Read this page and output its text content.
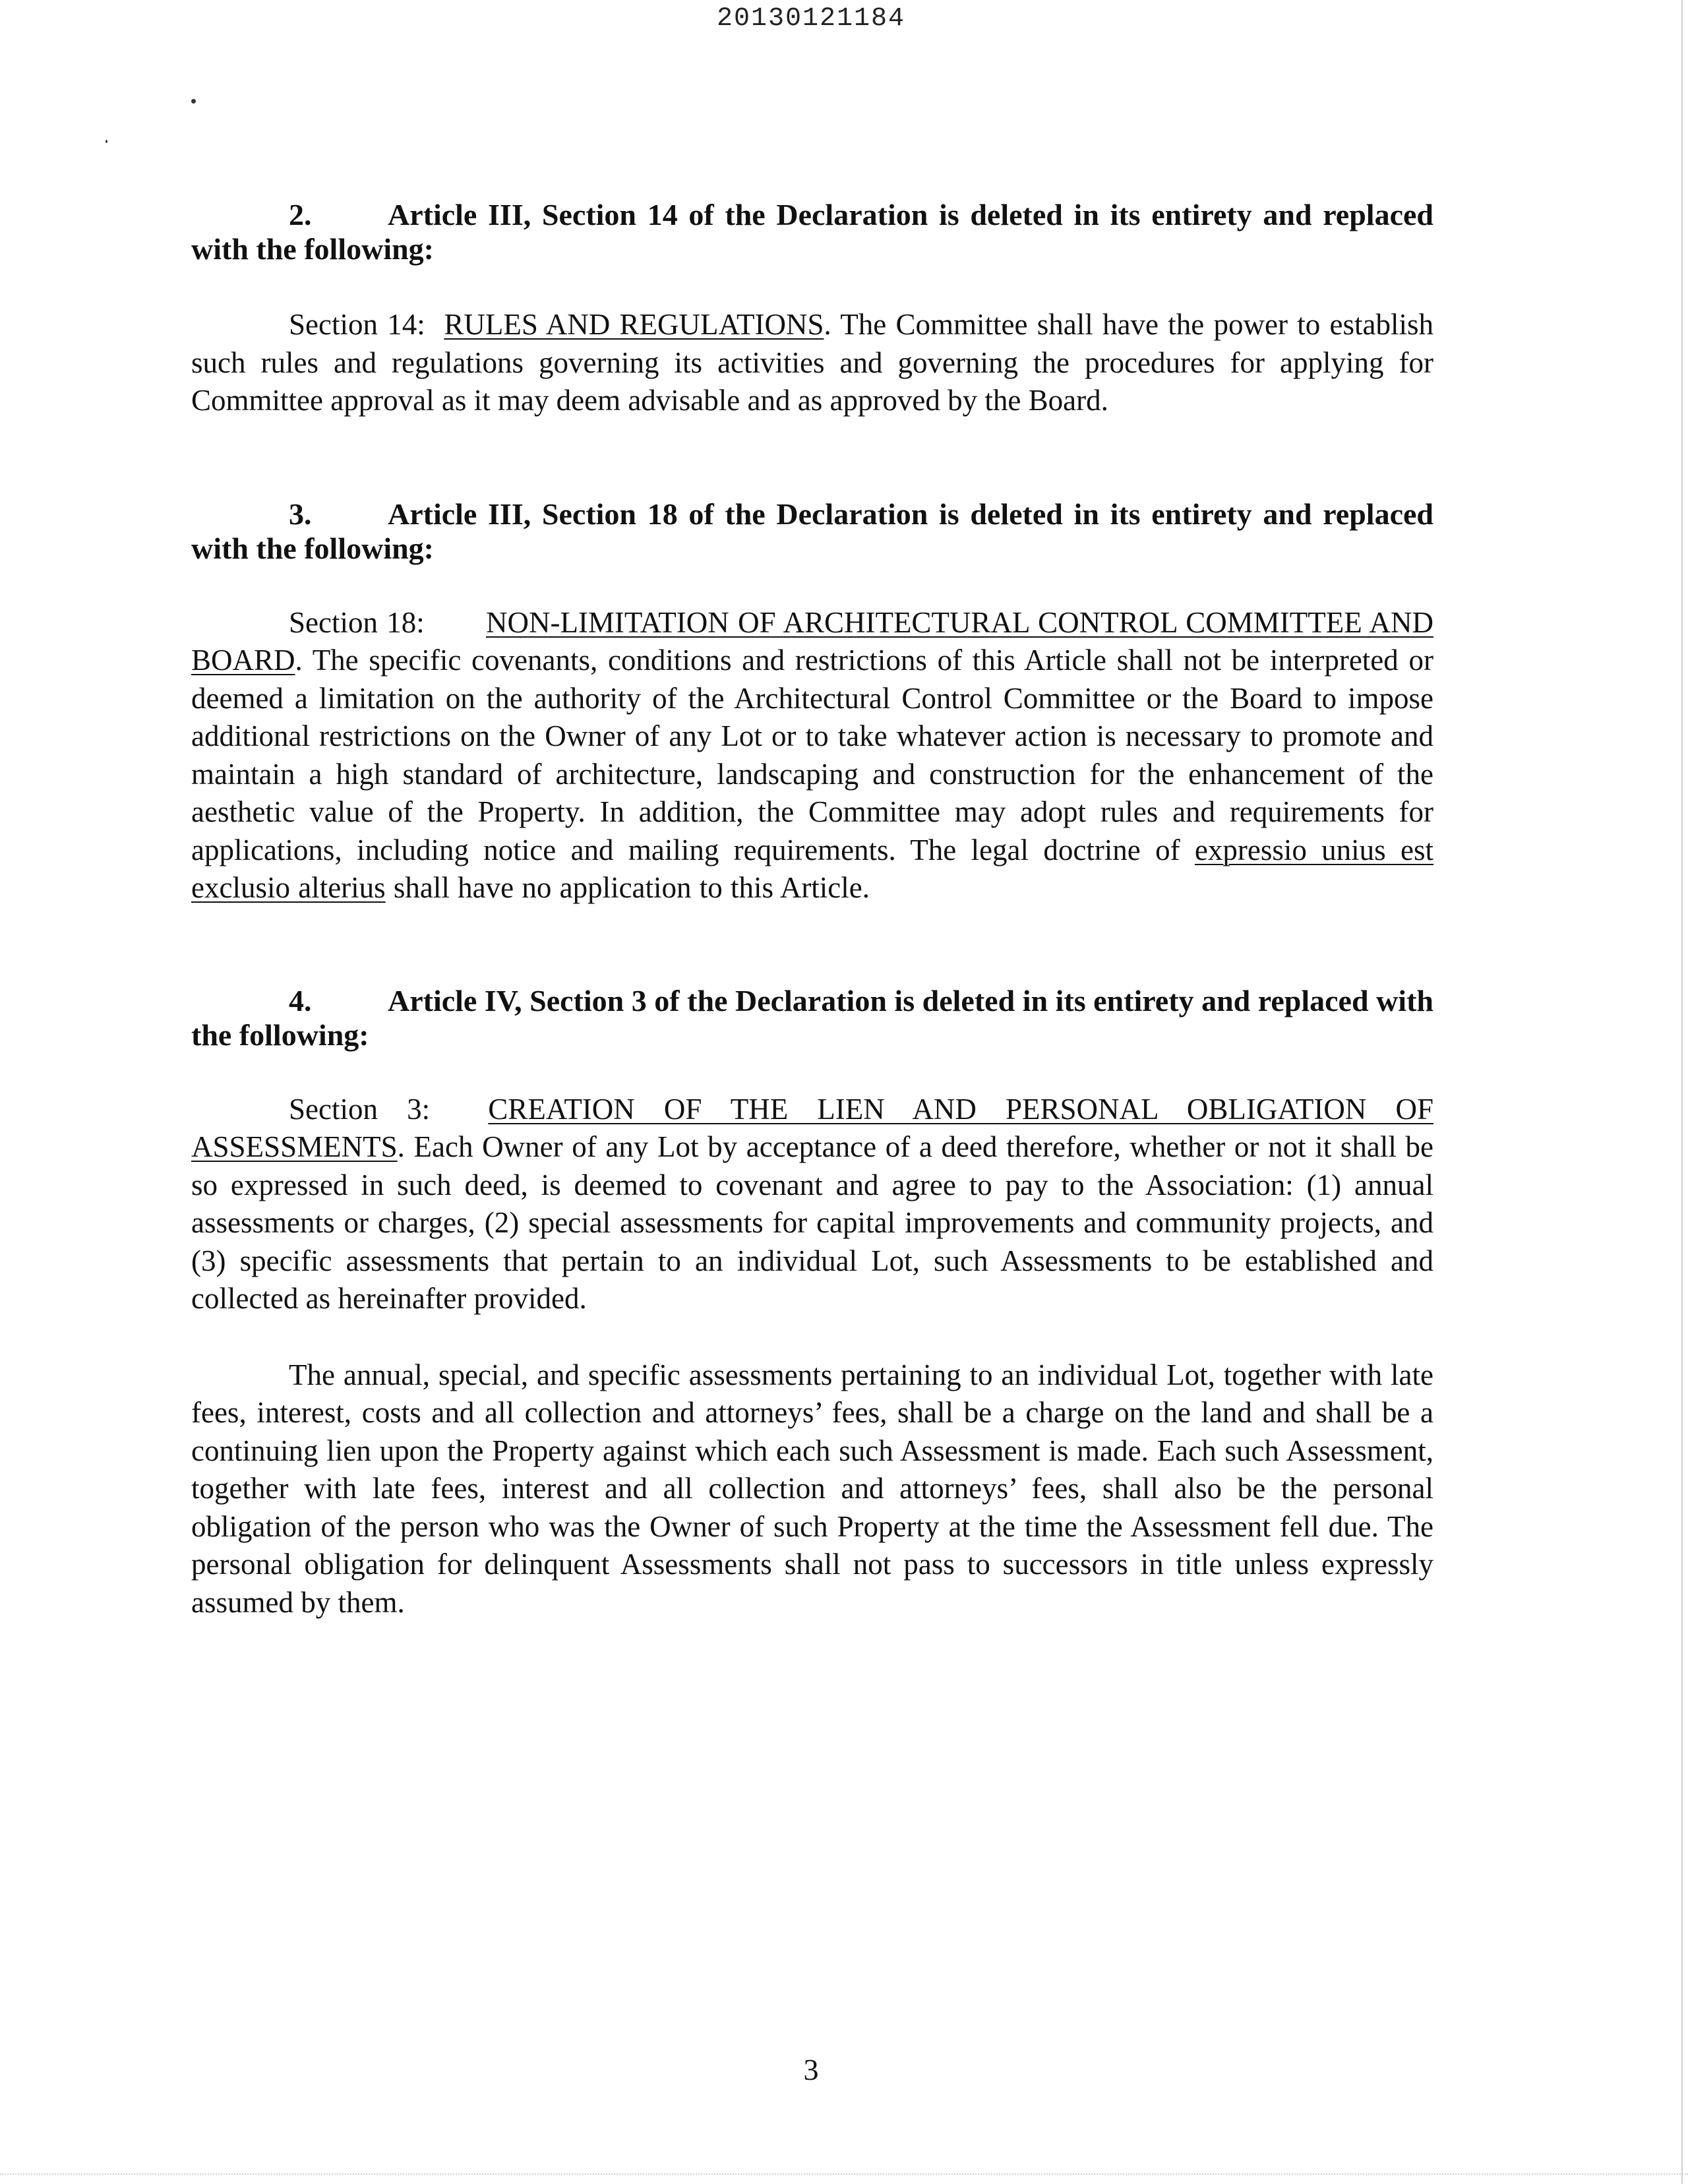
20130121184

2.	Article III, Section 14 of the Declaration is deleted in its entirety and replaced with the following:

Section 14: RULES AND REGULATIONS. The Committee shall have the power to establish such rules and regulations governing its activities and governing the procedures for applying for Committee approval as it may deem advisable and as approved by the Board.

3.	Article III, Section 18 of the Declaration is deleted in its entirety and replaced with the following:

Section 18: NON-LIMITATION OF ARCHITECTURAL CONTROL COMMITTEE AND BOARD. The specific covenants, conditions and restrictions of this Article shall not be interpreted or deemed a limitation on the authority of the Architectural Control Committee or the Board to impose additional restrictions on the Owner of any Lot or to take whatever action is necessary to promote and maintain a high standard of architecture, landscaping and construction for the enhancement of the aesthetic value of the Property. In addition, the Committee may adopt rules and requirements for applications, including notice and mailing requirements. The legal doctrine of expressio unius est exclusio alterius shall have no application to this Article.

4.	Article IV, Section 3 of the Declaration is deleted in its entirety and replaced with the following:

Section 3: CREATION OF THE LIEN AND PERSONAL OBLIGATION OF ASSESSMENTS. Each Owner of any Lot by acceptance of a deed therefore, whether or not it shall be so expressed in such deed, is deemed to covenant and agree to pay to the Association: (1) annual assessments or charges, (2) special assessments for capital improvements and community projects, and (3) specific assessments that pertain to an individual Lot, such Assessments to be established and collected as hereinafter provided.

The annual, special, and specific assessments pertaining to an individual Lot, together with late fees, interest, costs and all collection and attorneys’ fees, shall be a charge on the land and shall be a continuing lien upon the Property against which each such Assessment is made. Each such Assessment, together with late fees, interest and all collection and attorneys’ fees, shall also be the personal obligation of the person who was the Owner of such Property at the time the Assessment fell due. The personal obligation for delinquent Assessments shall not pass to successors in title unless expressly assumed by them.

3
